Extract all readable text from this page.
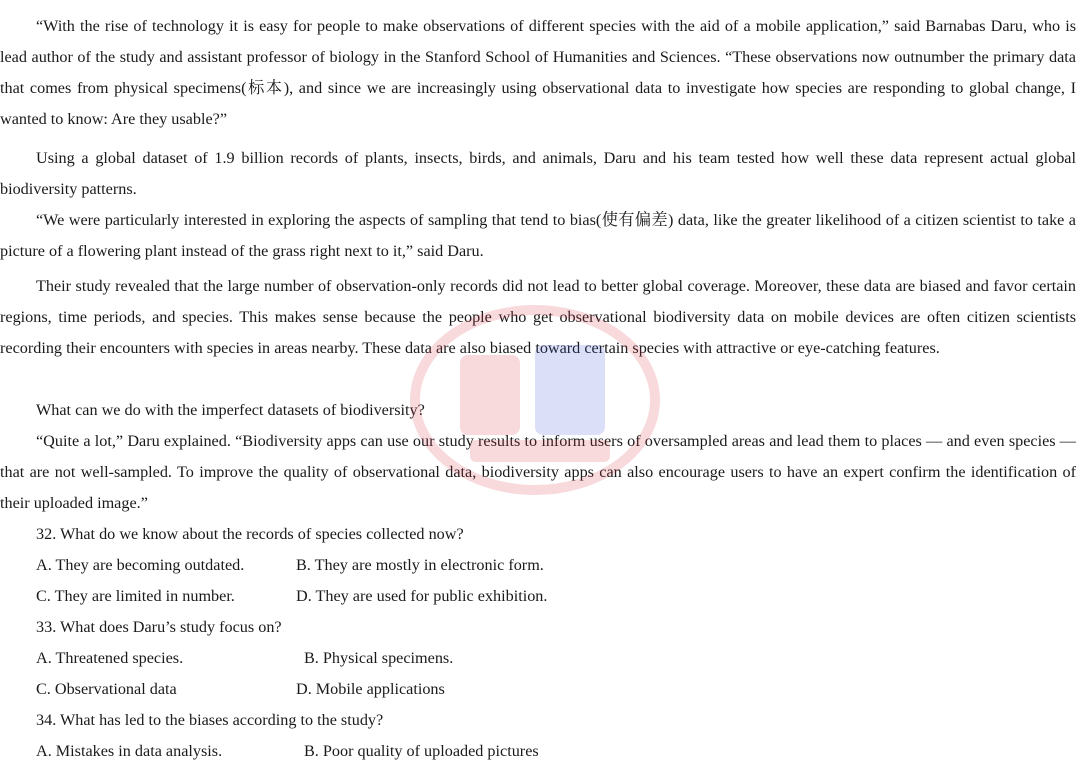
“With the rise of technology it is easy for people to make observations of different species with the aid of a mobile application,” said Barnabas Daru, who is lead author of the study and assistant professor of biology in the Stanford School of Humanities and Sciences. “These observations now outnumber the primary data that comes from physical specimens(标本), and since we are increasingly using observational data to investigate how species are responding to global change, I wanted to know: Are they usable?”

Using a global dataset of 1.9 billion records of plants, insects, birds, and animals, Daru and his team tested how well these data represent actual global biodiversity patterns.

“We were particularly interested in exploring the aspects of sampling that tend to bias(使有偏差) data, like the greater likelihood of a citizen scientist to take a picture of a flowering plant instead of the grass right next to it,” said Daru.

Their study revealed that the large number of observation-only records did not lead to better global coverage. Moreover, these data are biased and favor certain regions, time periods, and species. This makes sense because the people who get observational biodiversity data on mobile devices are often citizen scientists recording their encounters with species in areas nearby. These data are also biased toward certain species with attractive or eye-catching features.

What can we do with the imperfect datasets of biodiversity?

“Quite a lot,” Daru explained. “Biodiversity apps can use our study results to inform users of oversampled areas and lead them to places — and even species — that are not well-sampled. To improve the quality of observational data, biodiversity apps can also encourage users to have an expert confirm the identification of their uploaded image.”

32. What do we know about the records of species collected now?

A. They are becoming outdated.	B. They are mostly in electronic form.

C. They are limited in number.	D. They are used for public exhibition.

33. What does Daru’s study focus on?

A. Threatened species.	B. Physical specimens.

C. Observational data	D. Mobile applications

34. What has led to the biases according to the study?

A. Mistakes in data analysis.	B. Poor quality of uploaded pictures
